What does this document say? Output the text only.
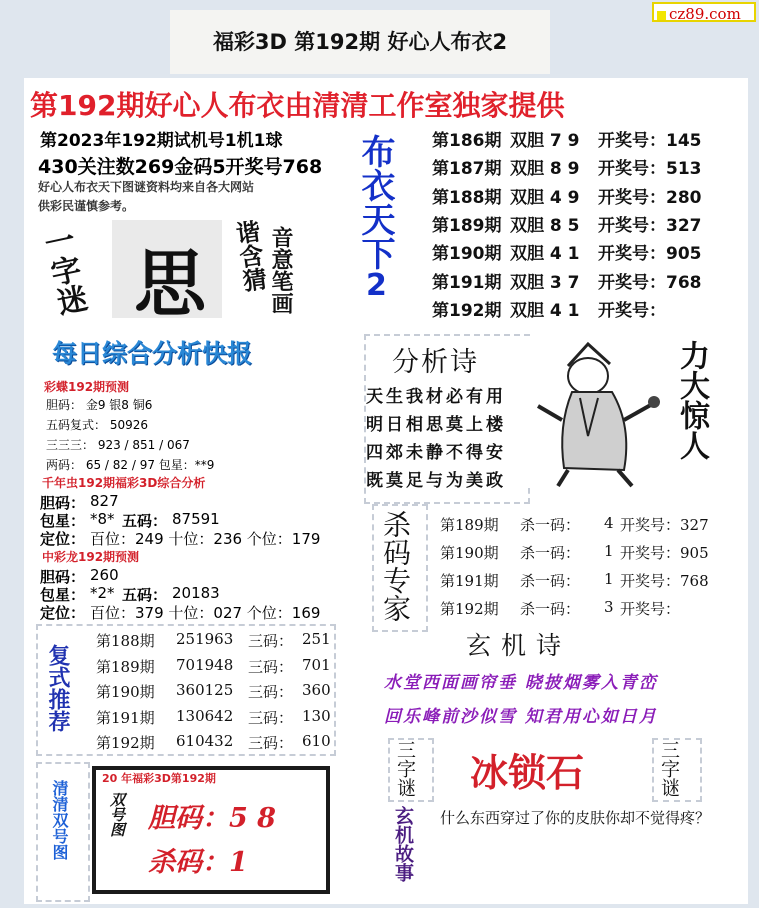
cz89.com
福彩3D 第192期 好心人布衣2
第192期好心人布衣由清清工作室独家提供
第2023年192期试机号1机1球
430关注数269金码5开奖号768
好心人布衣天下图谜资料均来自各大网站
供彩民谨慎参考。	布衣天下
2
一字迷 思 谐含猜 音意笔画
第186期 双胆 7 9 开奖号：145
第187期 双胆 8 9 开奖号：513
第188期 双胆 4 9 开奖号：280
第189期 双胆 8 5 开奖号：327
第190期 双胆 4 1 开奖号：905
第191期 双胆 3 7 开奖号：768
第192期 双胆 4 1 开奖号：
每日综合分析快报
彩蝶192期预测
胆码： 金9 银8 铜6
五码复式： 50926
三三三： 923 / 851 / 067
两码： 65 / 82 / 97 包星：**9
千年虫192期福彩3D综合分析
胆码： 827
包星： *8* 五码： 87591
定位： 百位：249 十位：236 个位：179
中彩龙192期预测
胆码： 260
包星： *2* 五码： 20183
定位： 百位：379 十位：027 个位：169
分析诗
天生我材必有用
明日相思莫上楼
四郊未静不得安
既莫足与为美政
力大惊人
杀码专家 第189期 杀一码： 4 开奖号：327
第190期 杀一码： 1 开奖号：905
第191期 杀一码： 1 开奖号：768
第192期 杀一码： 3 开奖号：
复式推荐
第188期 251963 三码： 251
第189期 701948 三码： 701
第190期 360125 三码： 360
第191期 130642 三码： 130
第192期 610432 三码： 610
玄机诗
水堂西面画帘垂 晓披烟雾入青峦
回乐峰前沙似雪 知君用心如日月
清清双号图
20 年福彩3D第192期
双号图 胆码：5 8
杀码：1
三字谜 冰锁石	三字谜
玄机故事 什么东西穿过了你的皮肤你却不觉得疼？
